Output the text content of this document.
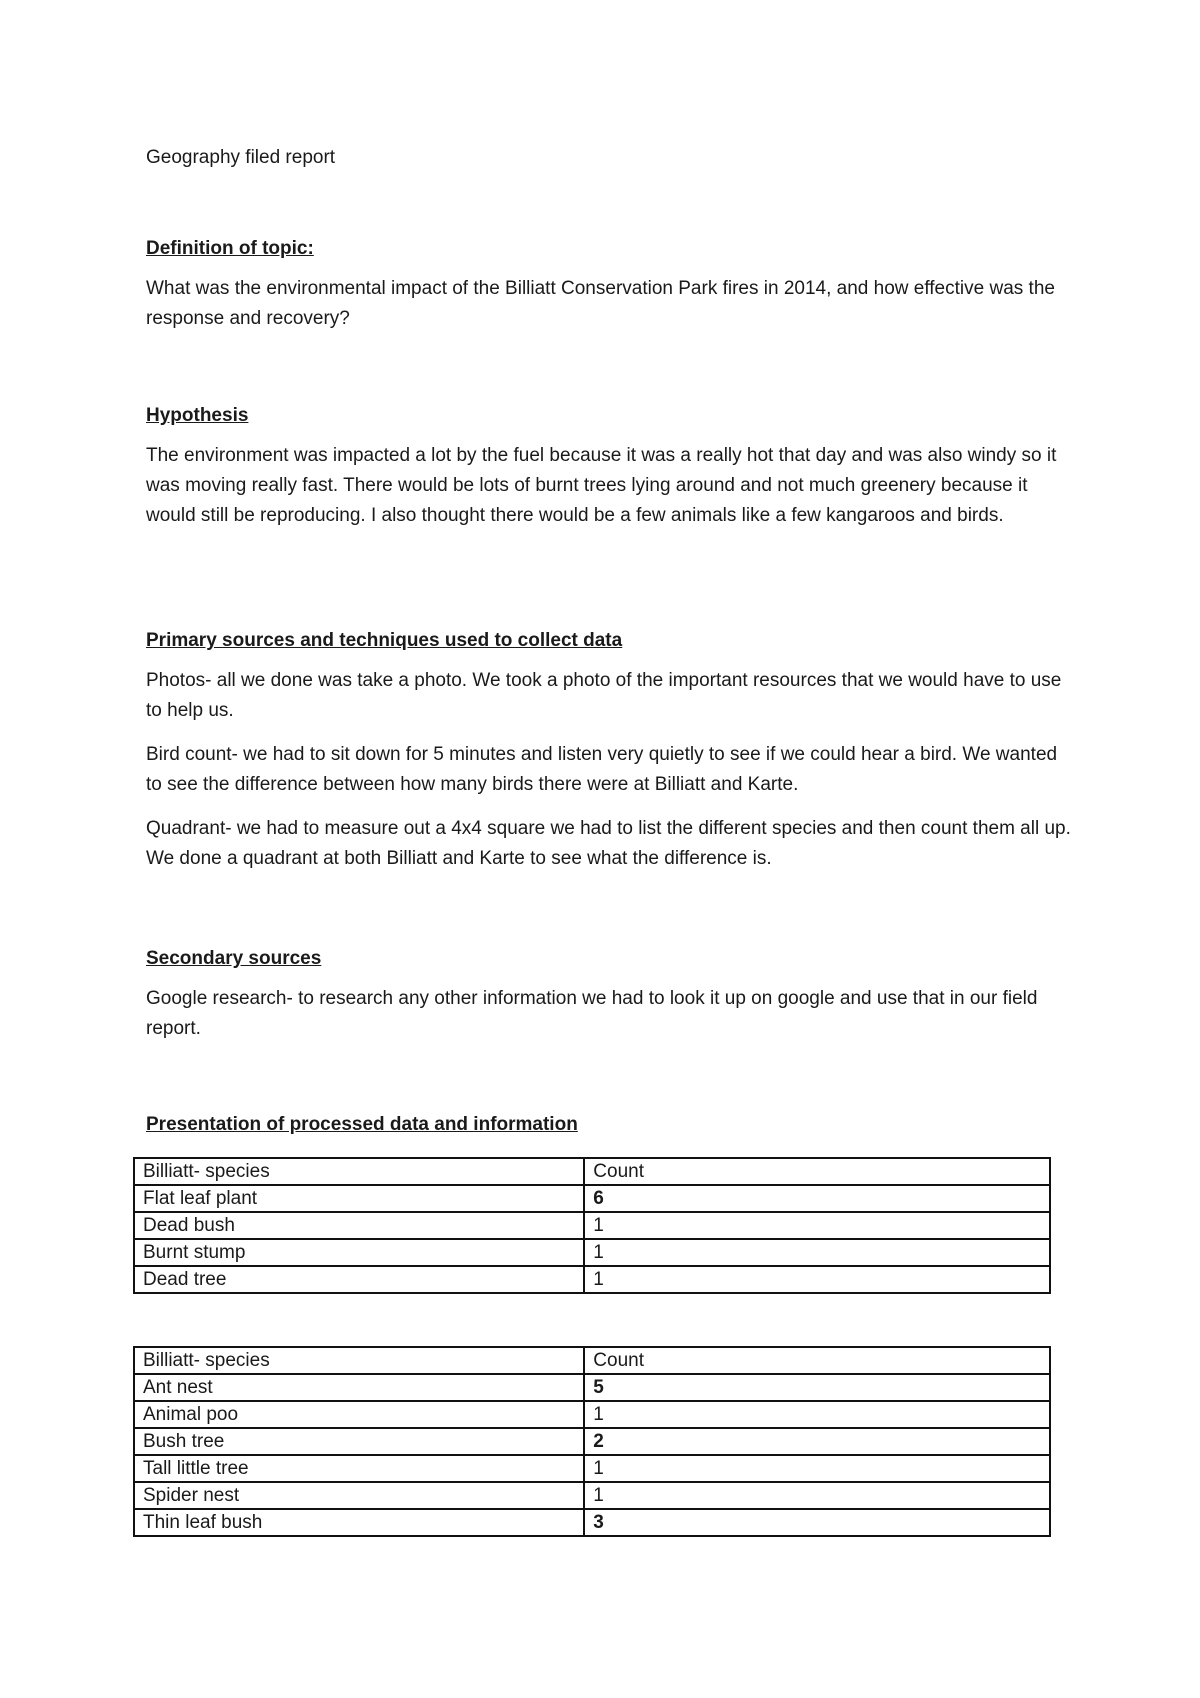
Geography filed report
Definition of topic:
What was the environmental impact of the Billiatt Conservation Park fires in 2014, and how effective was the response and recovery?
Hypothesis
The environment was impacted a lot by the fuel because it was a really hot that day and was also windy so it was moving really fast. There would be lots of burnt trees lying around and not much greenery because it would still be reproducing. I also thought there would be a few animals like a few kangaroos and birds.
Primary sources and techniques used to collect data
Photos- all we done was take a photo. We took a photo of the important resources that we would have to use to help us.
Bird count- we had to sit down for 5 minutes and listen very quietly to see if we could hear a bird. We wanted to see the difference between how many birds there were at Billiatt and Karte.
Quadrant- we had to measure out a 4x4 square we had to list the different species and then count them all up. We done a quadrant at both Billiatt and Karte to see what the difference is.
Secondary sources
Google research- to research any other information we had to look it up on google and use that in our field report.
Presentation of processed data and information
Billiatt- species	Count
Flat leaf plant	6
Dead bush	1
Burnt stump	1
Dead tree	1
Billiatt- species	Count
Ant nest	5
Animal poo	1
Bush tree	2
Tall little tree	1
Spider nest	1
Thin leaf bush	3
